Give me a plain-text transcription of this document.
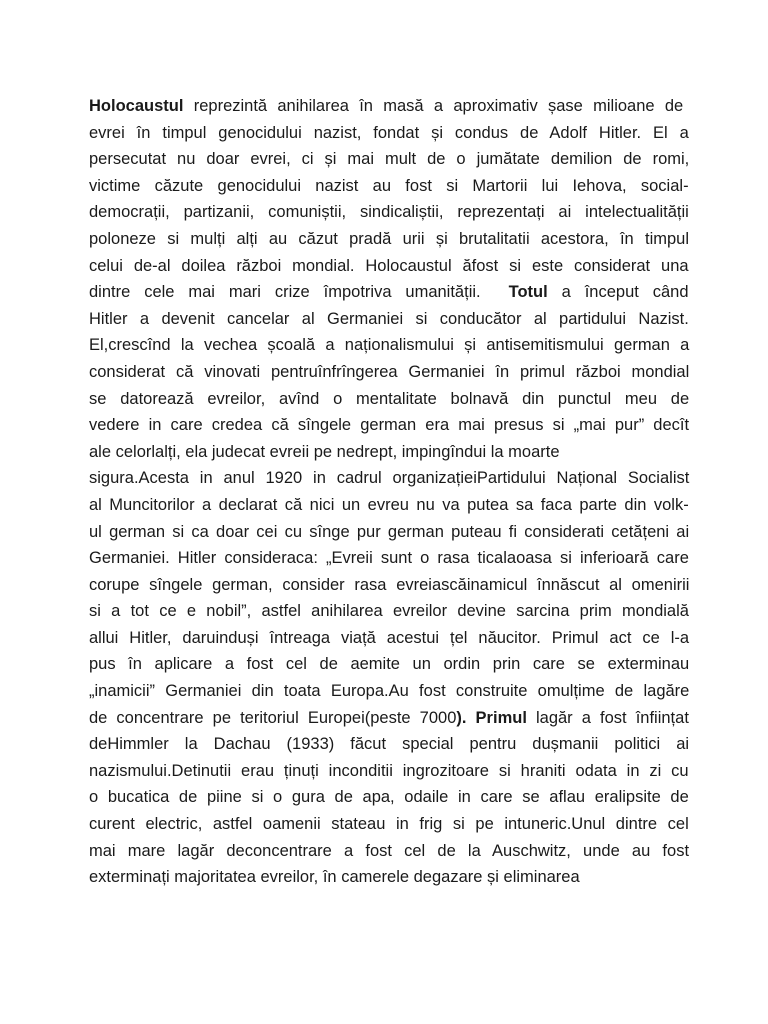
Holocaustul reprezintă anihilarea în masă a aproximativ șase milioane de
evrei în timpul genocidului nazist, fondat și condus de Adolf Hitler. El a
persecutat nu doar evrei, ci și mai mult de o jumătate demilion de romi,
victime căzute genocidului nazist au fost si Martorii lui Iehova, social-
democrații, partizanii, comuniștii, sindicaliștii, reprezentați ai intelectualității
poloneze si mulți alți au căzut pradă urii și brutalitatii acestora, în timpul
celui de-al doilea război mondial. Holocaustul ăfost si este considerat una
dintre cele mai mari crize împotriva umanității. Totul a început când
Hitler a devenit cancelar al Germaniei si conducător al partidului Nazist.
El,crescînd la vechea școală a naționalismului și antisemitismului german a
considerat că vinovati pentruînfrîngerea Germaniei în primul război mondial
se datorează evreilor, avînd o mentalitate bolnavă din punctul meu de
vedere in care credea că sîngele german era mai presus si „mai pur” decît
ale celorlalți, ela judecat evreii pe nedrept, impingîndui la moarte
sigura.Acesta in anul 1920 in cadrul organizațieiPartidului Național Socialist
al Muncitorilor a declarat că nici un evreu nu va putea sa faca parte din volk-
ul german si ca doar cei cu sînge pur german puteau fi considerati cetățeni ai
Germaniei. Hitler consideraca: „Evreii sunt o rasa ticalaoasa si inferioară care
corupe sîngele german, consider rasa evreiascăinamicul înnăscut al omenirii
si a tot ce e nobil”, astfel anihilarea evreilor devine sarcina prim mondială
allui Hitler, daruinduși întreaga viață acestui țel năucitor. Primul act ce l-a
pus în aplicare a fost cel de aemite un ordin prin care se exterminau
„inamicii” Germaniei din toata Europa.Au fost construite omulțime de lagăre
de concentrare pe teritoriul Europei(peste 7000). Primul lagăr a fost înființat
deHimmler la Dachau (1933) făcut special pentru dușmanii politici ai
nazismului.Detinutii erau ținuți inconditii ingrozitoare si hraniti odata in zi cu
o bucatica de piine si o gura de apa, odaile in care se aflau eralipsite de
curent electric, astfel oamenii stateau in frig si pe intuneric.Unul dintre cel
mai mare lagăr deconcentrare a fost cel de la Auschwitz, unde au fost
exterminați majoritatea evreilor, în camerele degazare și eliminarea
